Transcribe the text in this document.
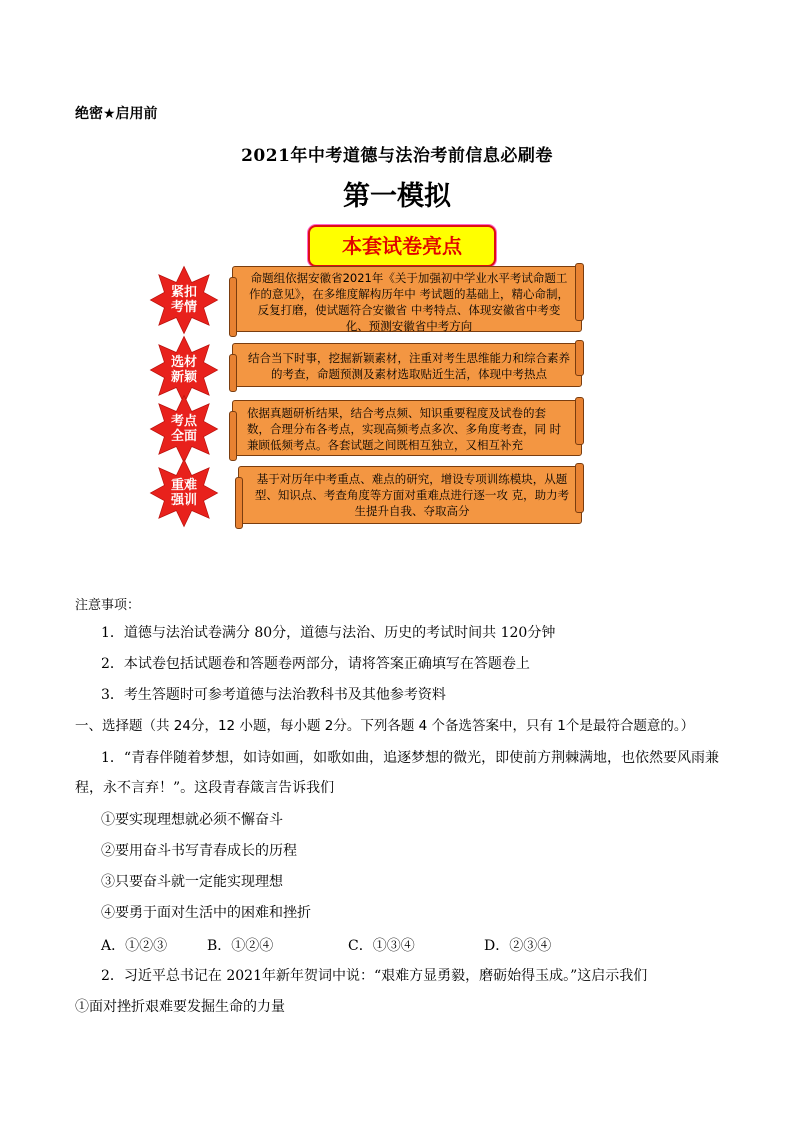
绝密★启用前
2021年中考道德与法治考前信息必刷卷
第一模拟
本套试卷亮点
紧扣
考情
命题组依据安徽省2021年《关于加强初中学业水平考试命题工作的意见》，在多维度解构历年中 考试题的基础上，精心命制，反复打磨，使试题符合安徽省 中考特点、体现安徽省中考变化、预测安徽省中考方向
选材
新颖
结合当下时事，挖掘新颖素材，注重对考生思维能力和综合素养的考查，命题预测及素材选取贴近生活，体现中考热点
考点
全面
依据真题研析结果，结合考点频、知识重要程度及试卷的套 数，合理分布各考点，实现高频考点多次、多角度考查，同 时兼顾低频考点。各套试题之间既相互独立，又相互补充
重难
强训
基于对历年中考重点、难点的研究，增设专项训练模块，从题型、知识点、考查角度等方面对重难点进行逐一攻 克，助力考生提升自我、夺取高分
注意事项：
1．道德与法治试卷满分 80分，道德与法治、历史的考试时间共 120分钟
2．本试卷包括试题卷和答题卷两部分，请将答案正确填写在答题卷上
3．考生答题时可参考道德与法治教科书及其他参考资料
一、选择题（共 24分，12 小题，每小题 2分。下列各题 4 个备选答案中，只有 1个是最符合题意的。）
1．“青春伴随着梦想，如诗如画，如歌如曲，追逐梦想的微光，即使前方荆棘满地，也依然要风雨兼
程，永不言弃！”。这段青春箴言告诉我们
①要实现理想就必须不懈奋斗
②要用奋斗书写青春成长的历程
③只要奋斗就一定能实现理想
④要勇于面对生活中的困难和挫折
A．①②③	B．①②④	C．①③④	D．②③④
2．习近平总书记在 2021年新年贺词中说：“艰难方显勇毅，磨砺始得玉成。”这启示我们
①面对挫折艰难要发掘生命的力量
